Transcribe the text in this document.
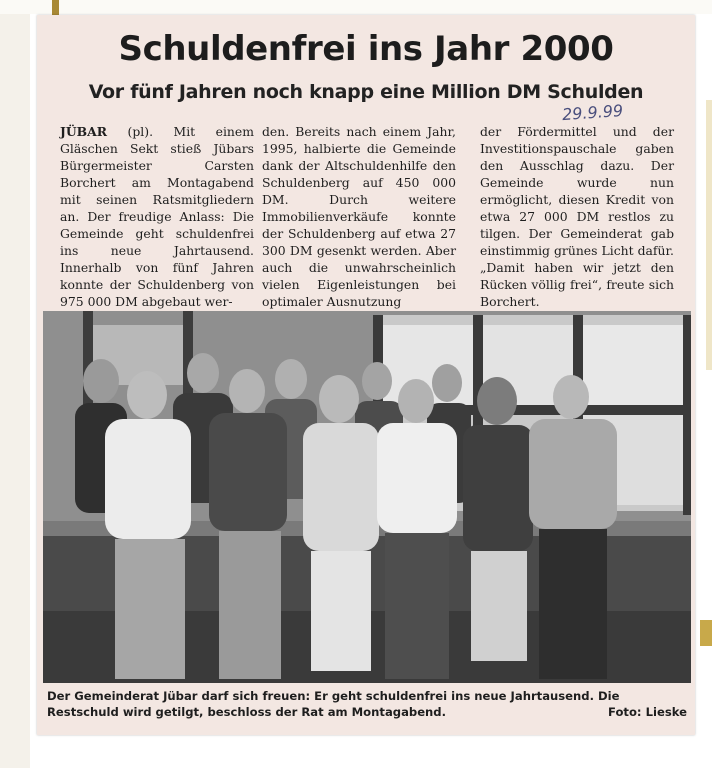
Schuldenfrei ins Jahr 2000
Vor fünf Jahren noch knapp eine Million DM Schulden
29.9.99
JÜBAR (pl). Mit einem Gläschen Sekt stieß Jübars Bürgermeister Carsten Borchert am Montagabend mit seinen Ratsmitgliedern an. Der freudige Anlass: Die Gemeinde geht schuldenfrei ins neue Jahrtausend. Innerhalb von fünf Jahren konnte der Schuldenberg von 975 000 DM abgebaut wer-
den. Bereits nach einem Jahr, 1995, halbierte die Gemeinde dank der Altschuldenhilfe den Schuldenberg auf 450 000 DM. Durch weitere Immobilienverkäufe konnte der Schuldenberg auf etwa 27 300 DM gesenkt werden. Aber auch die unwahrscheinlich vielen Eigenleistungen bei optimaler Ausnutzung
der Fördermittel und der Investitionspauschale gaben den Ausschlag dazu. Der Gemeinde wurde nun ermöglicht, diesen Kredit von etwa 27 000 DM restlos zu tilgen. Der Gemeinderat gab einstimmig grünes Licht dafür. „Damit haben wir jetzt den Rücken völlig frei“, freute sich Borchert.
Der Gemeinderat Jübar darf sich freuen: Er geht schuldenfrei ins neue Jahrtausend. Die Restschuld wird getilgt, beschloss der Rat am Montagabend.	Foto: Lieske
